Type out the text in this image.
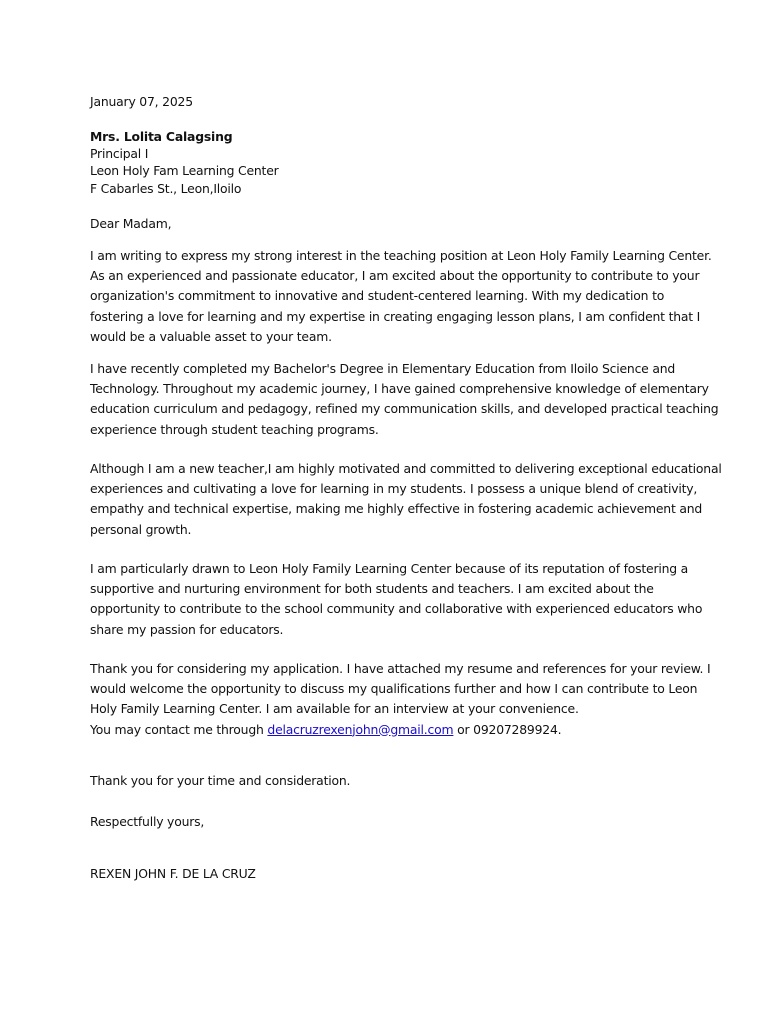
January 07, 2025
Mrs. Lolita Calagsing
Principal I
Leon Holy Fam Learning Center
F Cabarles St., Leon,Iloilo
Dear Madam,
I am writing to express my strong interest in the teaching position at Leon Holy Family Learning Center.
As an experienced and passionate educator, I am excited about the opportunity to contribute to your
organization's commitment to innovative and student-centered learning. With my dedication to
fostering a love for learning and my expertise in creating engaging lesson plans, I am confident that I
would be a valuable asset to your team.
I have recently completed my Bachelor's Degree in Elementary Education from Iloilo Science and
Technology. Throughout my academic journey, I have gained comprehensive knowledge of elementary
education curriculum and pedagogy, refined my communication skills, and developed practical teaching
experience through student teaching programs.
Although I am a new teacher,I am highly motivated and committed to delivering exceptional educational
experiences and cultivating a love for learning in my students. I possess a unique blend of creativity,
empathy and technical expertise, making me highly effective in fostering academic achievement and
personal growth.
I am particularly drawn to Leon Holy Family Learning Center because of its reputation of fostering a
supportive and nurturing environment for both students and teachers. I am excited about the
opportunity to contribute to the school community and collaborative with experienced educators who
share my passion for educators.
Thank you for considering my application. I have attached my resume and references for your review. I
would welcome the opportunity to discuss my qualifications further and how I can contribute to Leon
Holy Family Learning Center. I am available for an interview at your convenience.
You may contact me through delacruzrexenjohn@gmail.com or 09207289924.
Thank you for your time and consideration.
Respectfully yours,
REXEN JOHN F. DE LA CRUZ
